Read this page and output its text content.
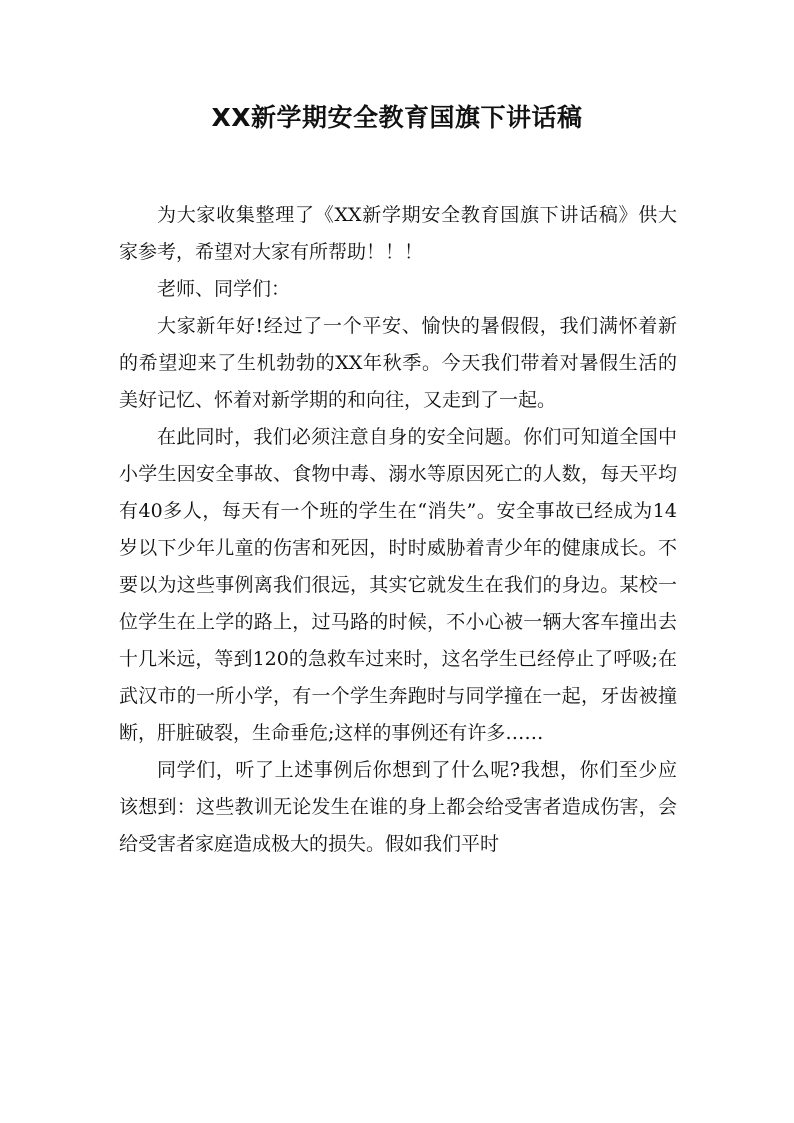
XX新学期安全教育国旗下讲话稿

为大家收集整理了《XX新学期安全教育国旗下讲话稿》供大家参考，希望对大家有所帮助！！！

老师、同学们：

大家新年好!经过了一个平安、愉快的暑假假，我们满怀着新的希望迎来了生机勃勃的XX年秋季。今天我们带着对暑假生活的美好记忆、怀着对新学期的和向往，又走到了一起。

在此同时，我们必须注意自身的安全问题。你们可知道全国中小学生因安全事故、食物中毒、溺水等原因死亡的人数，每天平均有40多人，每天有一个班的学生在“消失”。安全事故已经成为14岁以下少年儿童的伤害和死因，时时威胁着青少年的健康成长。不要以为这些事例离我们很远，其实它就发生在我们的身边。某校一位学生在上学的路上，过马路的时候，不小心被一辆大客车撞出去十几米远，等到120的急救车过来时，这名学生已经停止了呼吸;在武汉市的一所小学，有一个学生奔跑时与同学撞在一起，牙齿被撞断，肝脏破裂，生命垂危;这样的事例还有许多……

同学们，听了上述事例后你想到了什么呢?我想，你们至少应该想到：这些教训无论发生在谁的身上都会给受害者造成伤害，会给受害者家庭造成极大的损失。假如我们平时
